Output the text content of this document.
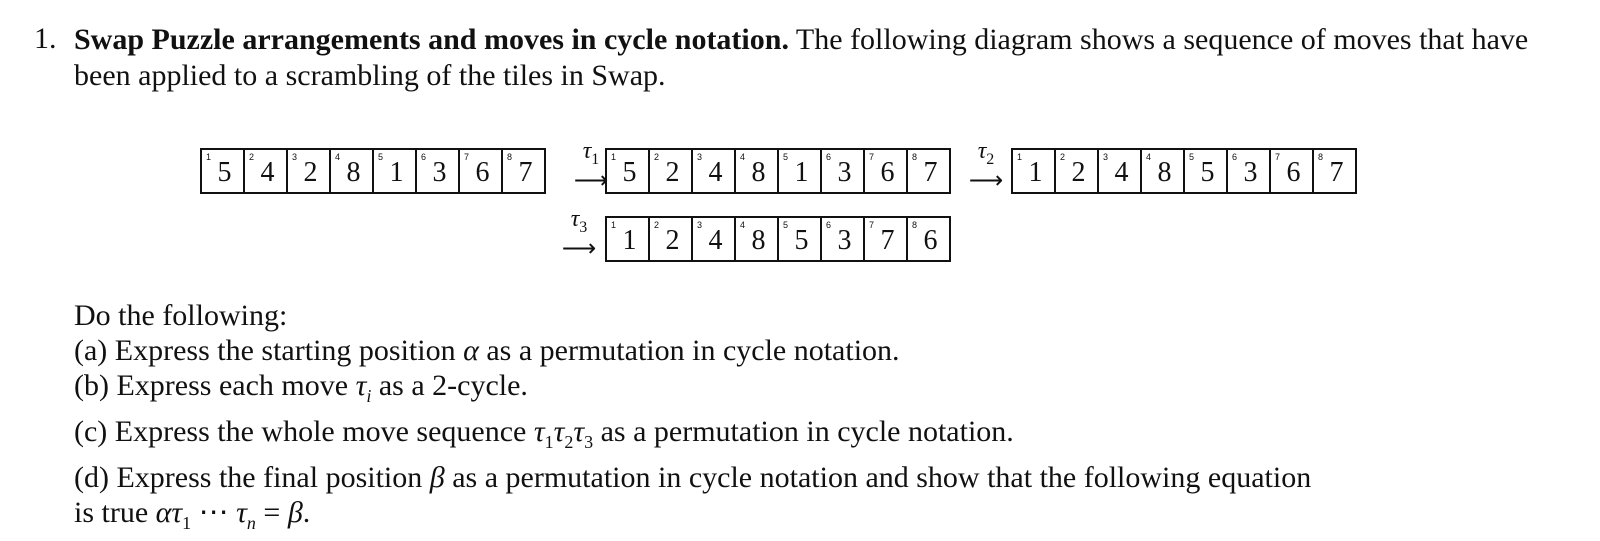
1. Swap Puzzle arrangements and moves in cycle notation. The following diagram shows a sequence of moves that have been applied to a scrambling of the tiles in Swap.
1 5	2 4	3 2	4 8	5 1	6 3	7 6	8 7
$\tau_1$
⟶
1 5	2 2	3 4	4 8	5 1	6 3	7 6	8 7
$\tau_2$
⟶
1 1	2 2	3 4	4 8	5 5	6 3	7 6	8 7
$\tau_3$
⟶
1 1	2 2	3 4	4 8	5 5	6 3	7 7	8 6
Do the following:
(a) Express the starting position α as a permutation in cycle notation.
(b) Express each move $\tau_i$ as a 2-cycle.
(c) Express the whole move sequence $\tau_1\tau_2\tau_3$ as a permutation in cycle notation.
(d) Express the final position β as a permutation in cycle notation and show that the following equation
is true $\alpha\tau_1$ ⋯ $\tau_n = \beta$.
